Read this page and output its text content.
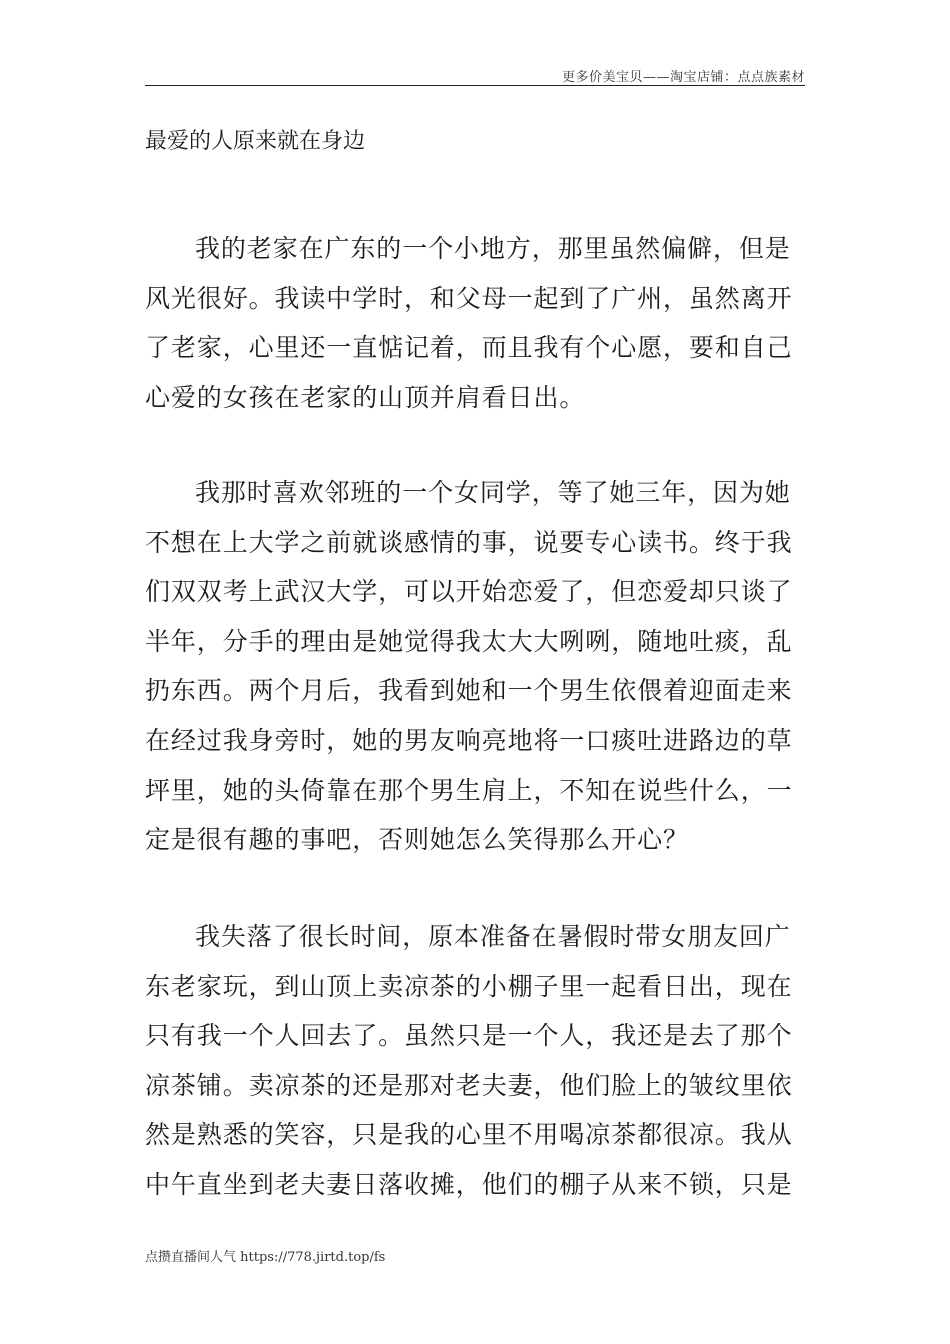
更多价美宝贝——淘宝店铺：点点族素材
最爱的人原来就在身边
我的老家在广东的一个小地方，那里虽然偏僻，但是
风光很好。我读中学时，和父母一起到了广州，虽然离开
了老家，心里还一直惦记着，而且我有个心愿，要和自己
心爱的女孩在老家的山顶并肩看日出。
我那时喜欢邻班的一个女同学，等了她三年，因为她
不想在上大学之前就谈感情的事，说要专心读书。终于我
们双双考上武汉大学，可以开始恋爱了，但恋爱却只谈了
半年，分手的理由是她觉得我太大大咧咧，随地吐痰，乱
扔东西。两个月后，我看到她和一个男生依偎着迎面走来
在经过我身旁时，她的男友响亮地将一口痰吐进路边的草
坪里，她的头倚靠在那个男生肩上，不知在说些什么，一
定是很有趣的事吧，否则她怎么笑得那么开心？
我失落了很长时间，原本准备在暑假时带女朋友回广
东老家玩，到山顶上卖凉茶的小棚子里一起看日出，现在
只有我一个人回去了。虽然只是一个人，我还是去了那个
凉茶铺。卖凉茶的还是那对老夫妻，他们脸上的皱纹里依
然是熟悉的笑容，只是我的心里不用喝凉茶都很凉。我从
中午直坐到老夫妻日落收摊，他们的棚子从来不锁，只是
点攒直播间人气 https://778.jirtd.top/fs
